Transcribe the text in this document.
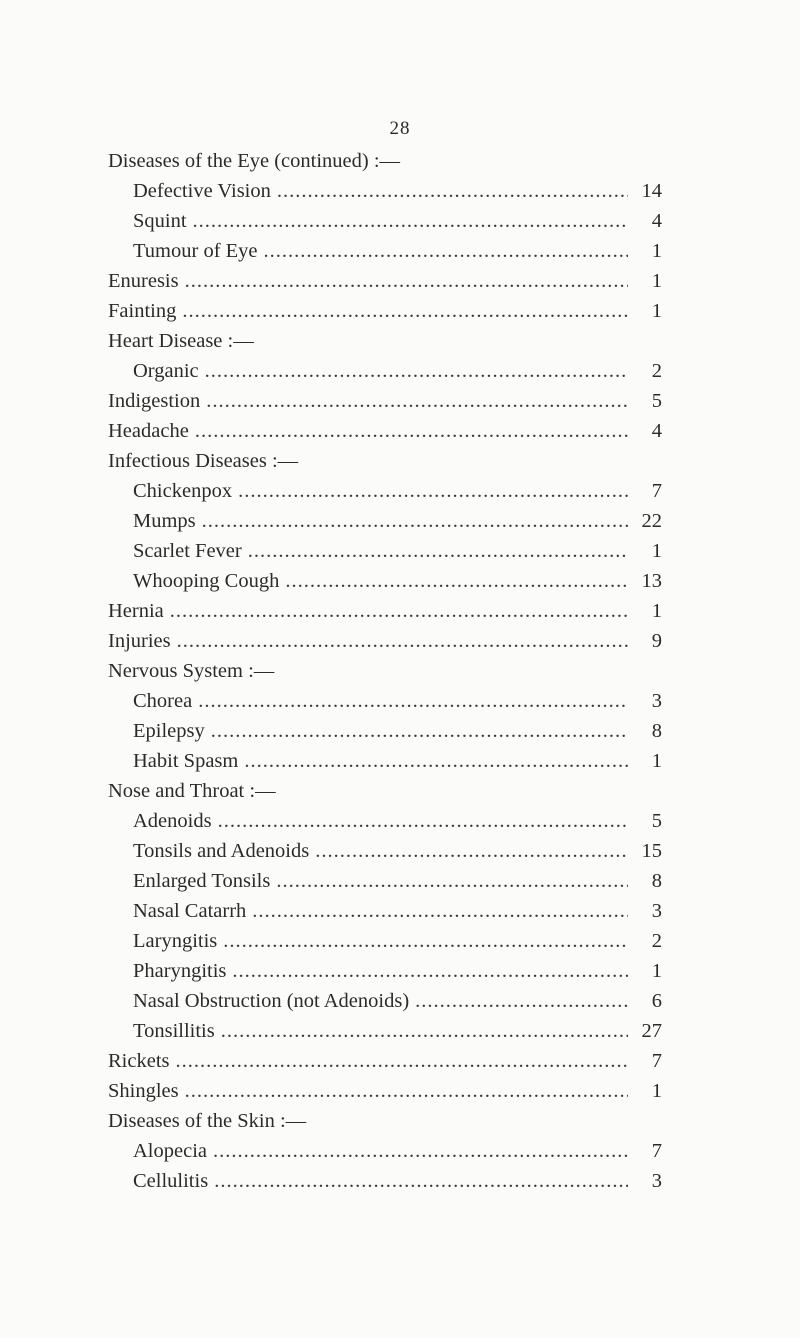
28
Diseases of the Eye (continued) :—
Defective Vision .....	14
Squint .....	4
Tumour of Eye .....	1
Enuresis .....	1
Fainting .....	1
Heart Disease :—
Organic .....	2
Indigestion .....	5
Headache .....	4
Infectious Diseases :—
Chickenpox .....	7
Mumps .....	22
Scarlet Fever .....	1
Whooping Cough .....	13
Hernia .....	1
Injuries .....	9
Nervous System :—
Chorea .....	3
Epilepsy .....	8
Habit Spasm .....	1
Nose and Throat :—
Adenoids .....	5
Tonsils and Adenoids .....	15
Enlarged Tonsils .....	8
Nasal Catarrh .....	3
Laryngitis .....	2
Pharyngitis .....	1
Nasal Obstruction (not Adenoids) .....	6
Tonsillitis .....	27
Rickets .....	7
Shingles .....	1
Diseases of the Skin :—
Alopecia .....	7
Cellulitis .....	3
